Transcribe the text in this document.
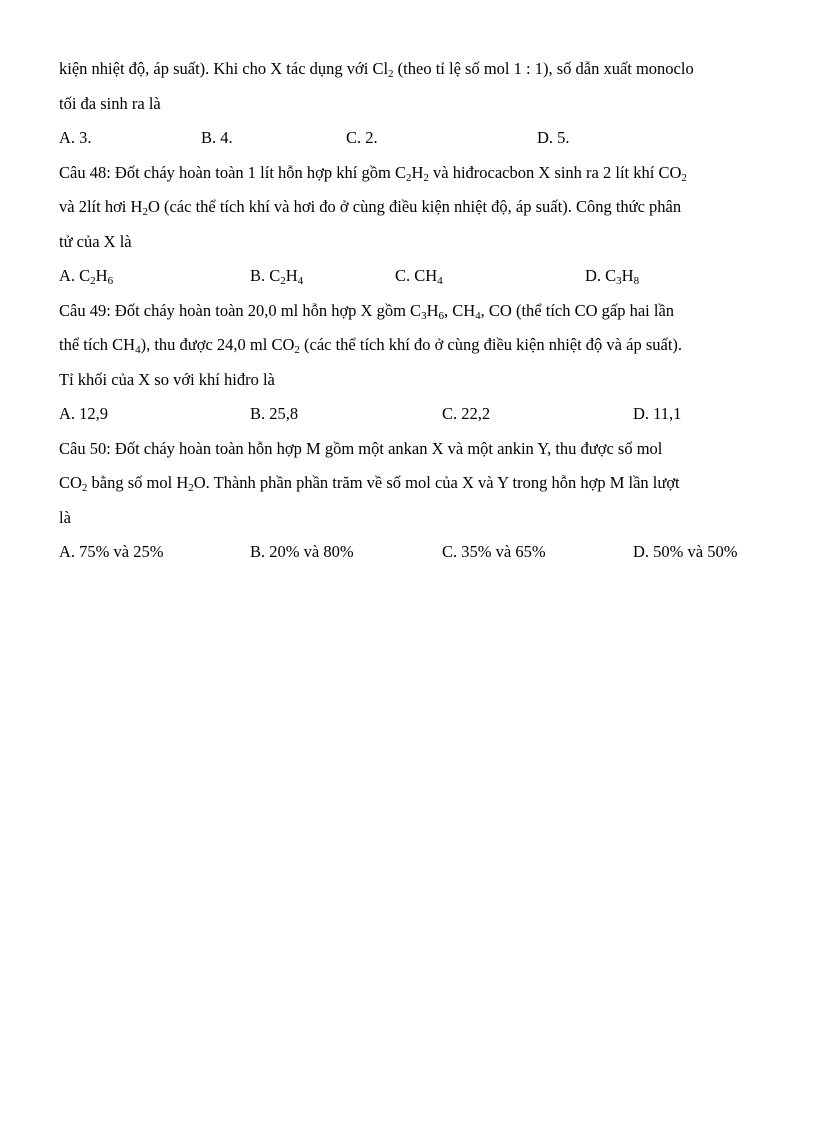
kiện nhiệt độ, áp suất). Khi cho X tác dụng với $Cl_2$ (theo tỉ lệ số mol 1 : 1), số dẫn xuất monoclo
tối đa sinh ra là
A. 3.	B. 4.	C. 2.	D. 5.
Câu 48: Đốt cháy hoàn toàn 1 lít hỗn hợp khí gồm $C_2H_2$ và hiđrocacbon X sinh ra 2 lít khí $CO_2$
và 2lít hơi $H_2O$ (các thể tích khí và hơi đo ở cùng điều kiện nhiệt độ, áp suất). Công thức phân
tử của X là
A. $C_2H_6$	B. $C_2H_4$	C. $CH_4$	D. $C_3H_8$
Câu 49: Đốt cháy hoàn toàn 20,0 ml hỗn hợp X gồm $C_3H_6$, $CH_4$, CO (thể tích CO gấp hai lần
thể tích $CH_4$), thu được 24,0 ml $CO_2$ (các thể tích khí đo ở cùng điều kiện nhiệt độ và áp suất).
Tỉ khối của X so với khí hiđro là
A. 12,9	B. 25,8	C. 22,2	D. 11,1
Câu 50: Đốt cháy hoàn toàn hỗn hợp M gồm một ankan X và một ankin Y, thu được số mol
$CO_2$ bằng số mol $H_2O$. Thành phần phần trăm về số mol của X và Y trong hỗn hợp M lần lượt
là
A. 75% và 25%	B. 20% và 80%	C. 35% và 65%	D. 50% và 50%
